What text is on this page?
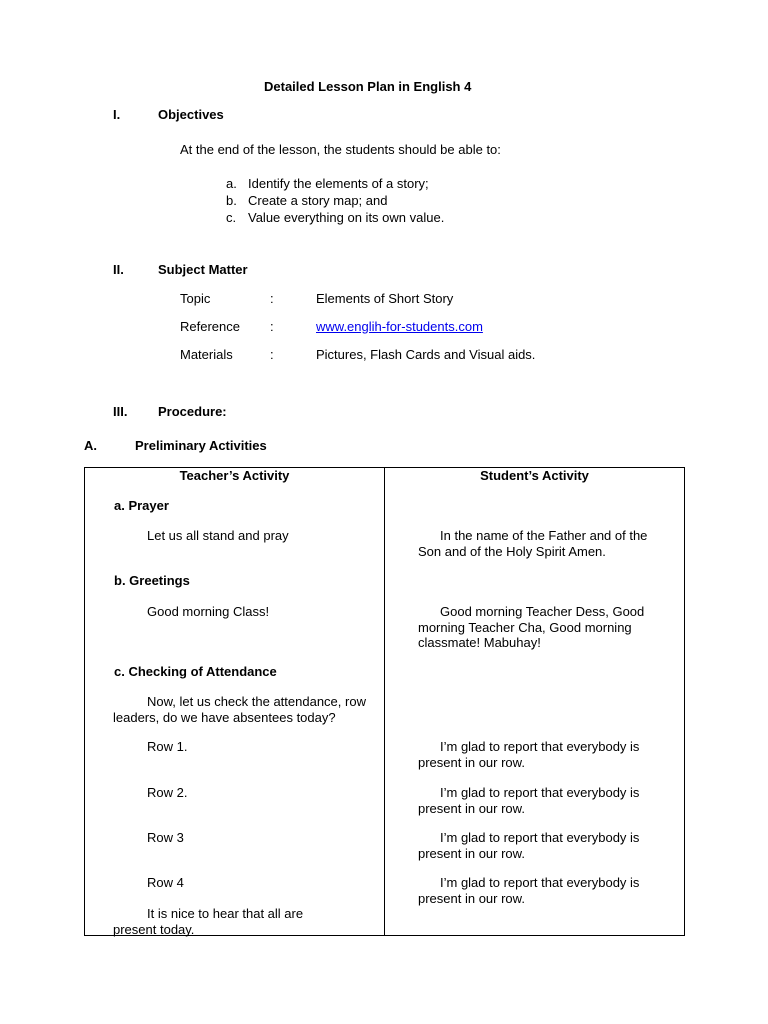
Detailed Lesson Plan in English 4
I.	Objectives
At the end of the lesson, the students should be able to:
a. Identify the elements of a story;
b. Create a story map; and
c. Value everything on its own value.
II.	Subject Matter
Topic	:	Elements of Short Story
Reference :	www.englih-for-students.com
Materials	:	Pictures, Flash Cards and Visual aids.
III. Procedure:
A.	Preliminary Activities
Teacher’s Activity	Student’s Activity
a. Prayer
Let us all stand and pray	In the name of the Father and of the Son and of the Holy Spirit Amen.
b. Greetings
Good morning Class!	Good morning Teacher Dess, Good morning Teacher Cha, Good morning classmate! Mabuhay!
c. Checking of Attendance
Now, let us check the attendance, row leaders, do we have absentees today?
Row 1.	I’m glad to report that everybody is present in our row.
Row 2.	I’m glad to report that everybody is present in our row.
Row 3	I’m glad to report that everybody is present in our row.
Row 4	I’m glad to report that everybody is present in our row.
It is nice to hear that all are present today.
